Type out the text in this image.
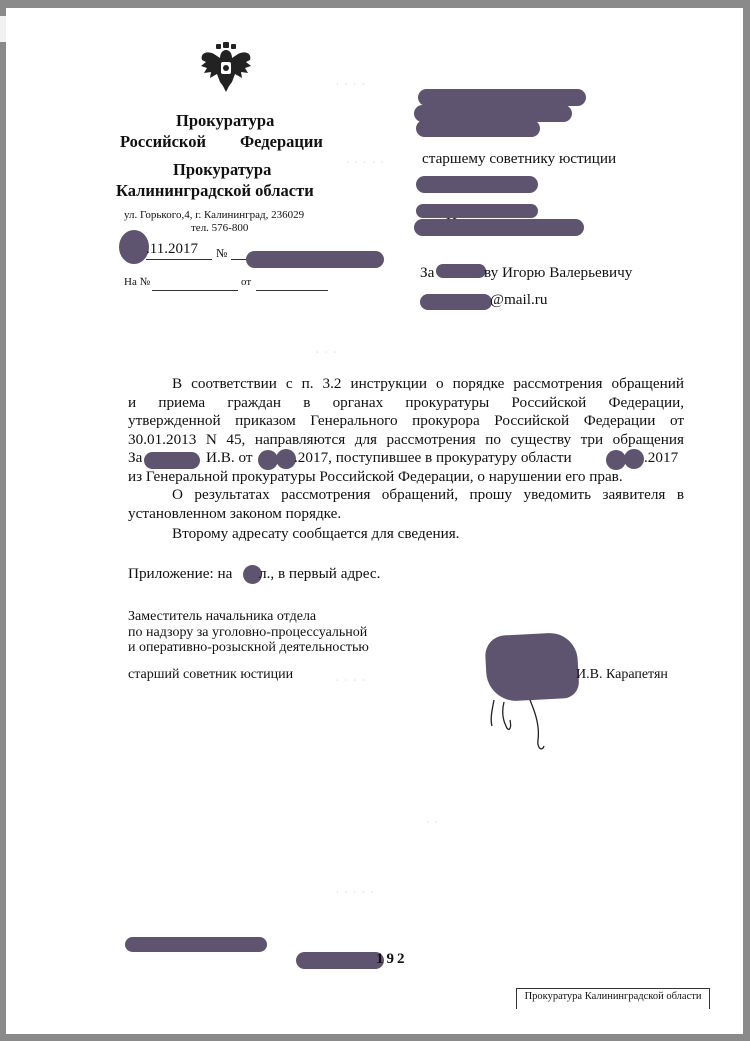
Прокуратура
Российской Федерации
Прокуратура
Калининградской области
ул. Горького,4, г. Калининград, 236029
тел. 576-800
.11.2017 №
На №	от
старшему советнику юстиции
За	ву Игорю Валерьевичу
@mail.ru
В соответствии с п. 3.2 инструкции о порядке рассмотрения обращений
и приема граждан в органах прокуратуры Российской Федерации,
утвержденной приказом Генерального прокурора Российской Федерации от
30.01.2013 N 45, направляются для рассмотрения по существу три обращения
За	И.В. от	.2017, поступившее в прокуратуру области	.2017
из Генеральной прокуратуры Российской Федерации, о нарушении его прав.
О результатах рассмотрения обращений, прошу уведомить заявителя в
установленном законом порядке.
Второму адресату сообщается для сведения.
Приложение: на л., в первый адрес.
Заместитель начальника отдела
по надзору за уголовно-процессуальной
и оперативно-розыскной деятельностью
старший советник юстиции	И.В. Карапетян
192
Прокуратура Калининградской области
· · · ·
· · · · ·
· · ·
· · · ·
· · · · ·
· ·
